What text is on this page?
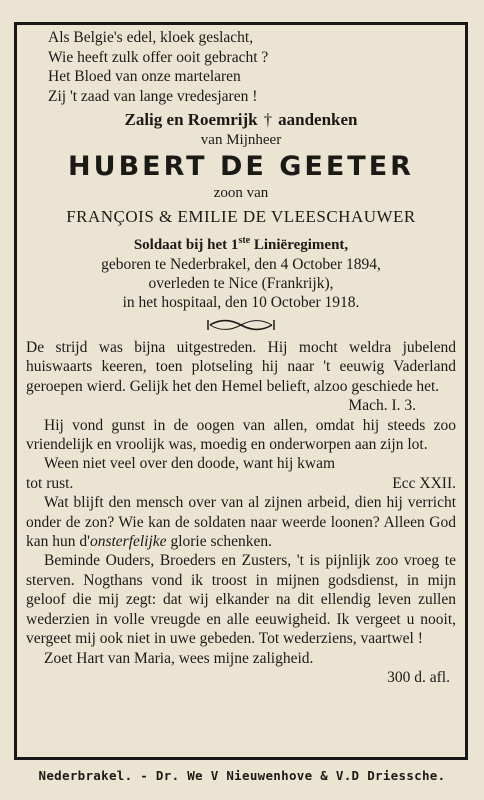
Als Belgie's edel, kloek geslacht,
Wie heeft zulk offer ooit gebracht ?
Het Bloed van onze martelaren
Zij 't zaad van lange vredesjaren !
Zalig en Roemrijk † aandenken
van Mijnheer
HUBERT DE GEETER
zoon van
FRANÇOIS & EMILIE DE VLEESCHAUWER
Soldaat bij het 1ste Liniëregiment,
geboren te Nederbrakel, den 4 October 1894,
overleden te Nice (Frankrijk),
in het hospitaal, den 10 October 1918.

De strijd was bijna uitgestreden. Hij mocht weldra jubelend huiswaarts keeren, toen plotseling hij naar 't eeuwig Vaderland geroepen wierd. Gelijk het den Hemel belieft, alzoo geschiede het.

Mach. I. 3.

Hij vond gunst in de oogen van allen, omdat hij steeds zoo vriendelijk en vroolijk was, moedig en onderworpen aan zijn lot.

Ween niet veel over den doode, want hij kwam

tot rust.	Ecc XXII.

Wat blijft den mensch over van al zijnen arbeid, dien hij verricht onder de zon? Wie kan de soldaten naar weerde loonen? Alleen God kan hun d'onsterfelijke glorie schenken.

Beminde Ouders, Broeders en Zusters, 't is pijnlijk zoo vroeg te sterven. Nogthans vond ik troost in mijnen godsdienst, in mijn geloof die mij zegt: dat wij elkander na dit ellendig leven zullen wederzien in volle vreugde en alle eeuwigheid. Ik vergeet u nooit, vergeet mij ook niet in uwe gebeden. Tot wederziens, vaartwel !

Zoet Hart van Maria, wees mijne zaligheid.

300 d. afl.
Nederbrakel. - Dr. We V Nieuwenhove & V.D Driessche.
